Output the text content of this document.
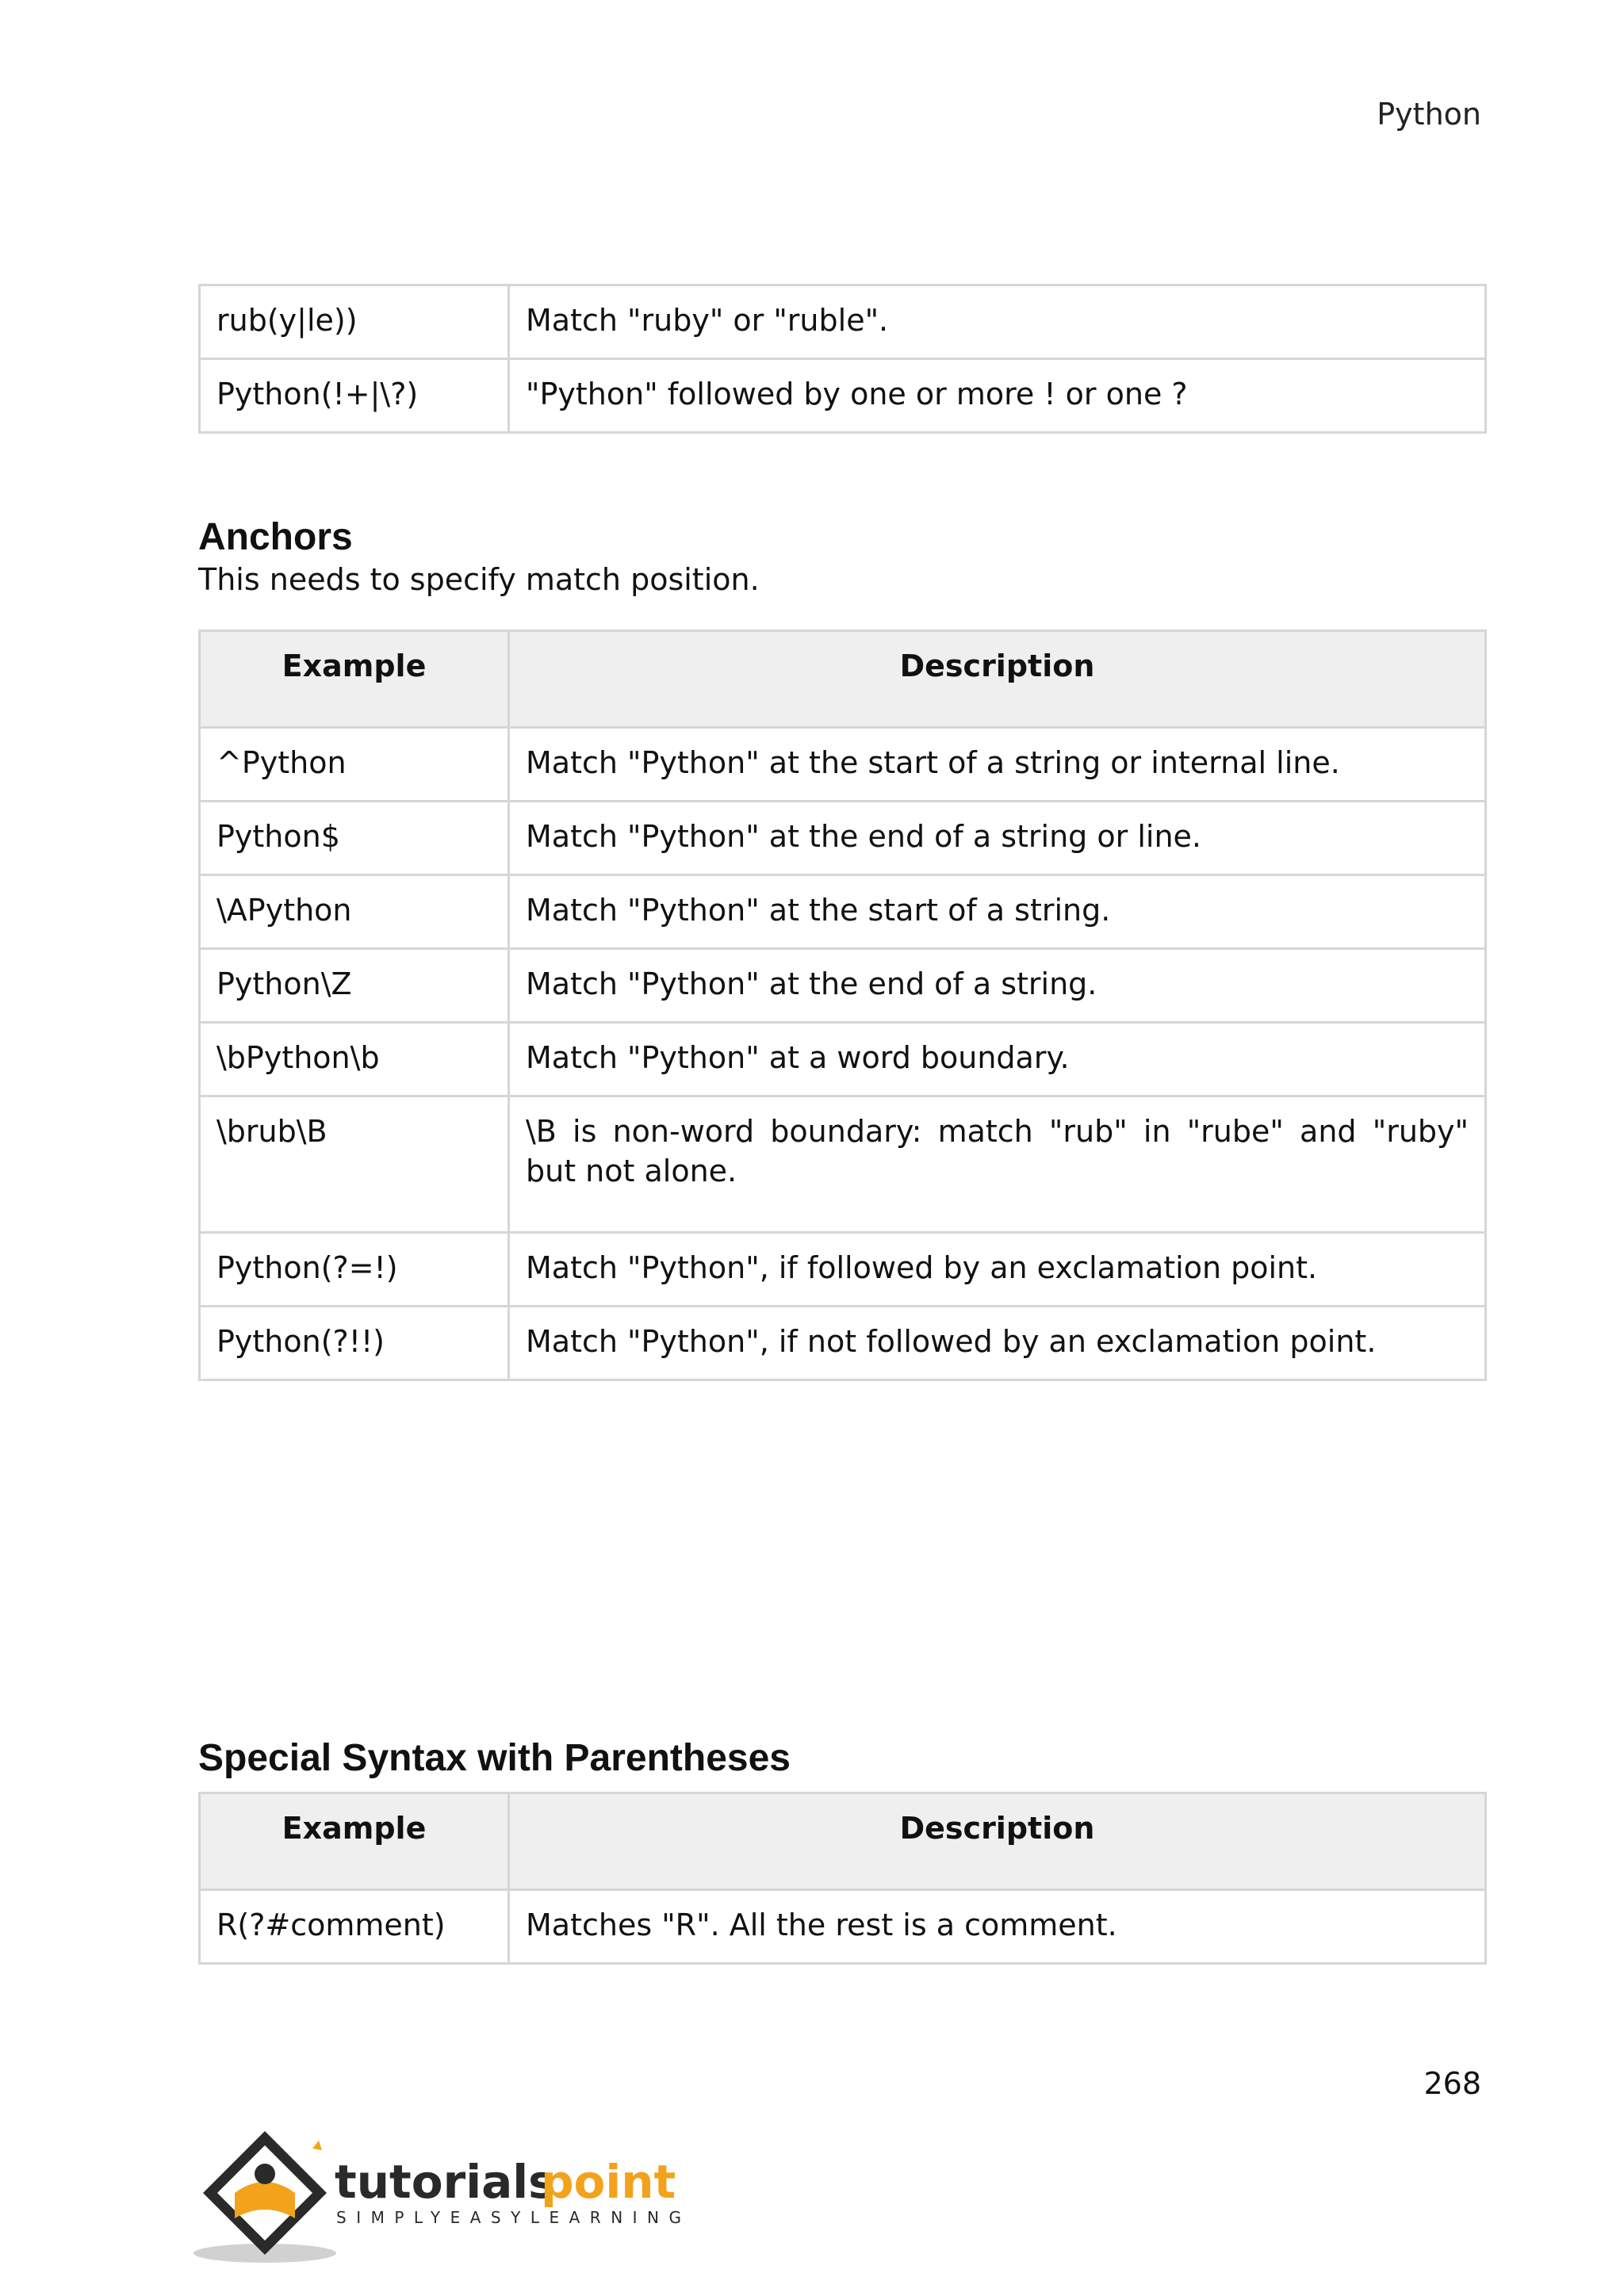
Python
rub(y|le))	Match "ruby" or "ruble".
Python(!+|\?)	"Python" followed by one or more ! or one ?
Anchors

This needs to specify match position.

Example	Description
^Python	Match "Python" at the start of a string or internal line.
Python$	Match "Python" at the end of a string or line.
\APython	Match "Python" at the start of a string.
Python\Z	Match "Python" at the end of a string.
\bPython\b	Match "Python" at a word boundary.
\brub\B	\B is non-word boundary: match "rub" in "rube" and "ruby" but not alone.
Python(?=!)	Match "Python", if followed by an exclamation point.
Python(?!!)	Match "Python", if not followed by an exclamation point.
Special Syntax with Parentheses
Example	Description
R(?#comment)	Matches "R". All the rest is a comment.
268
tutorials
point
SIMPLYEASYLEARNING
